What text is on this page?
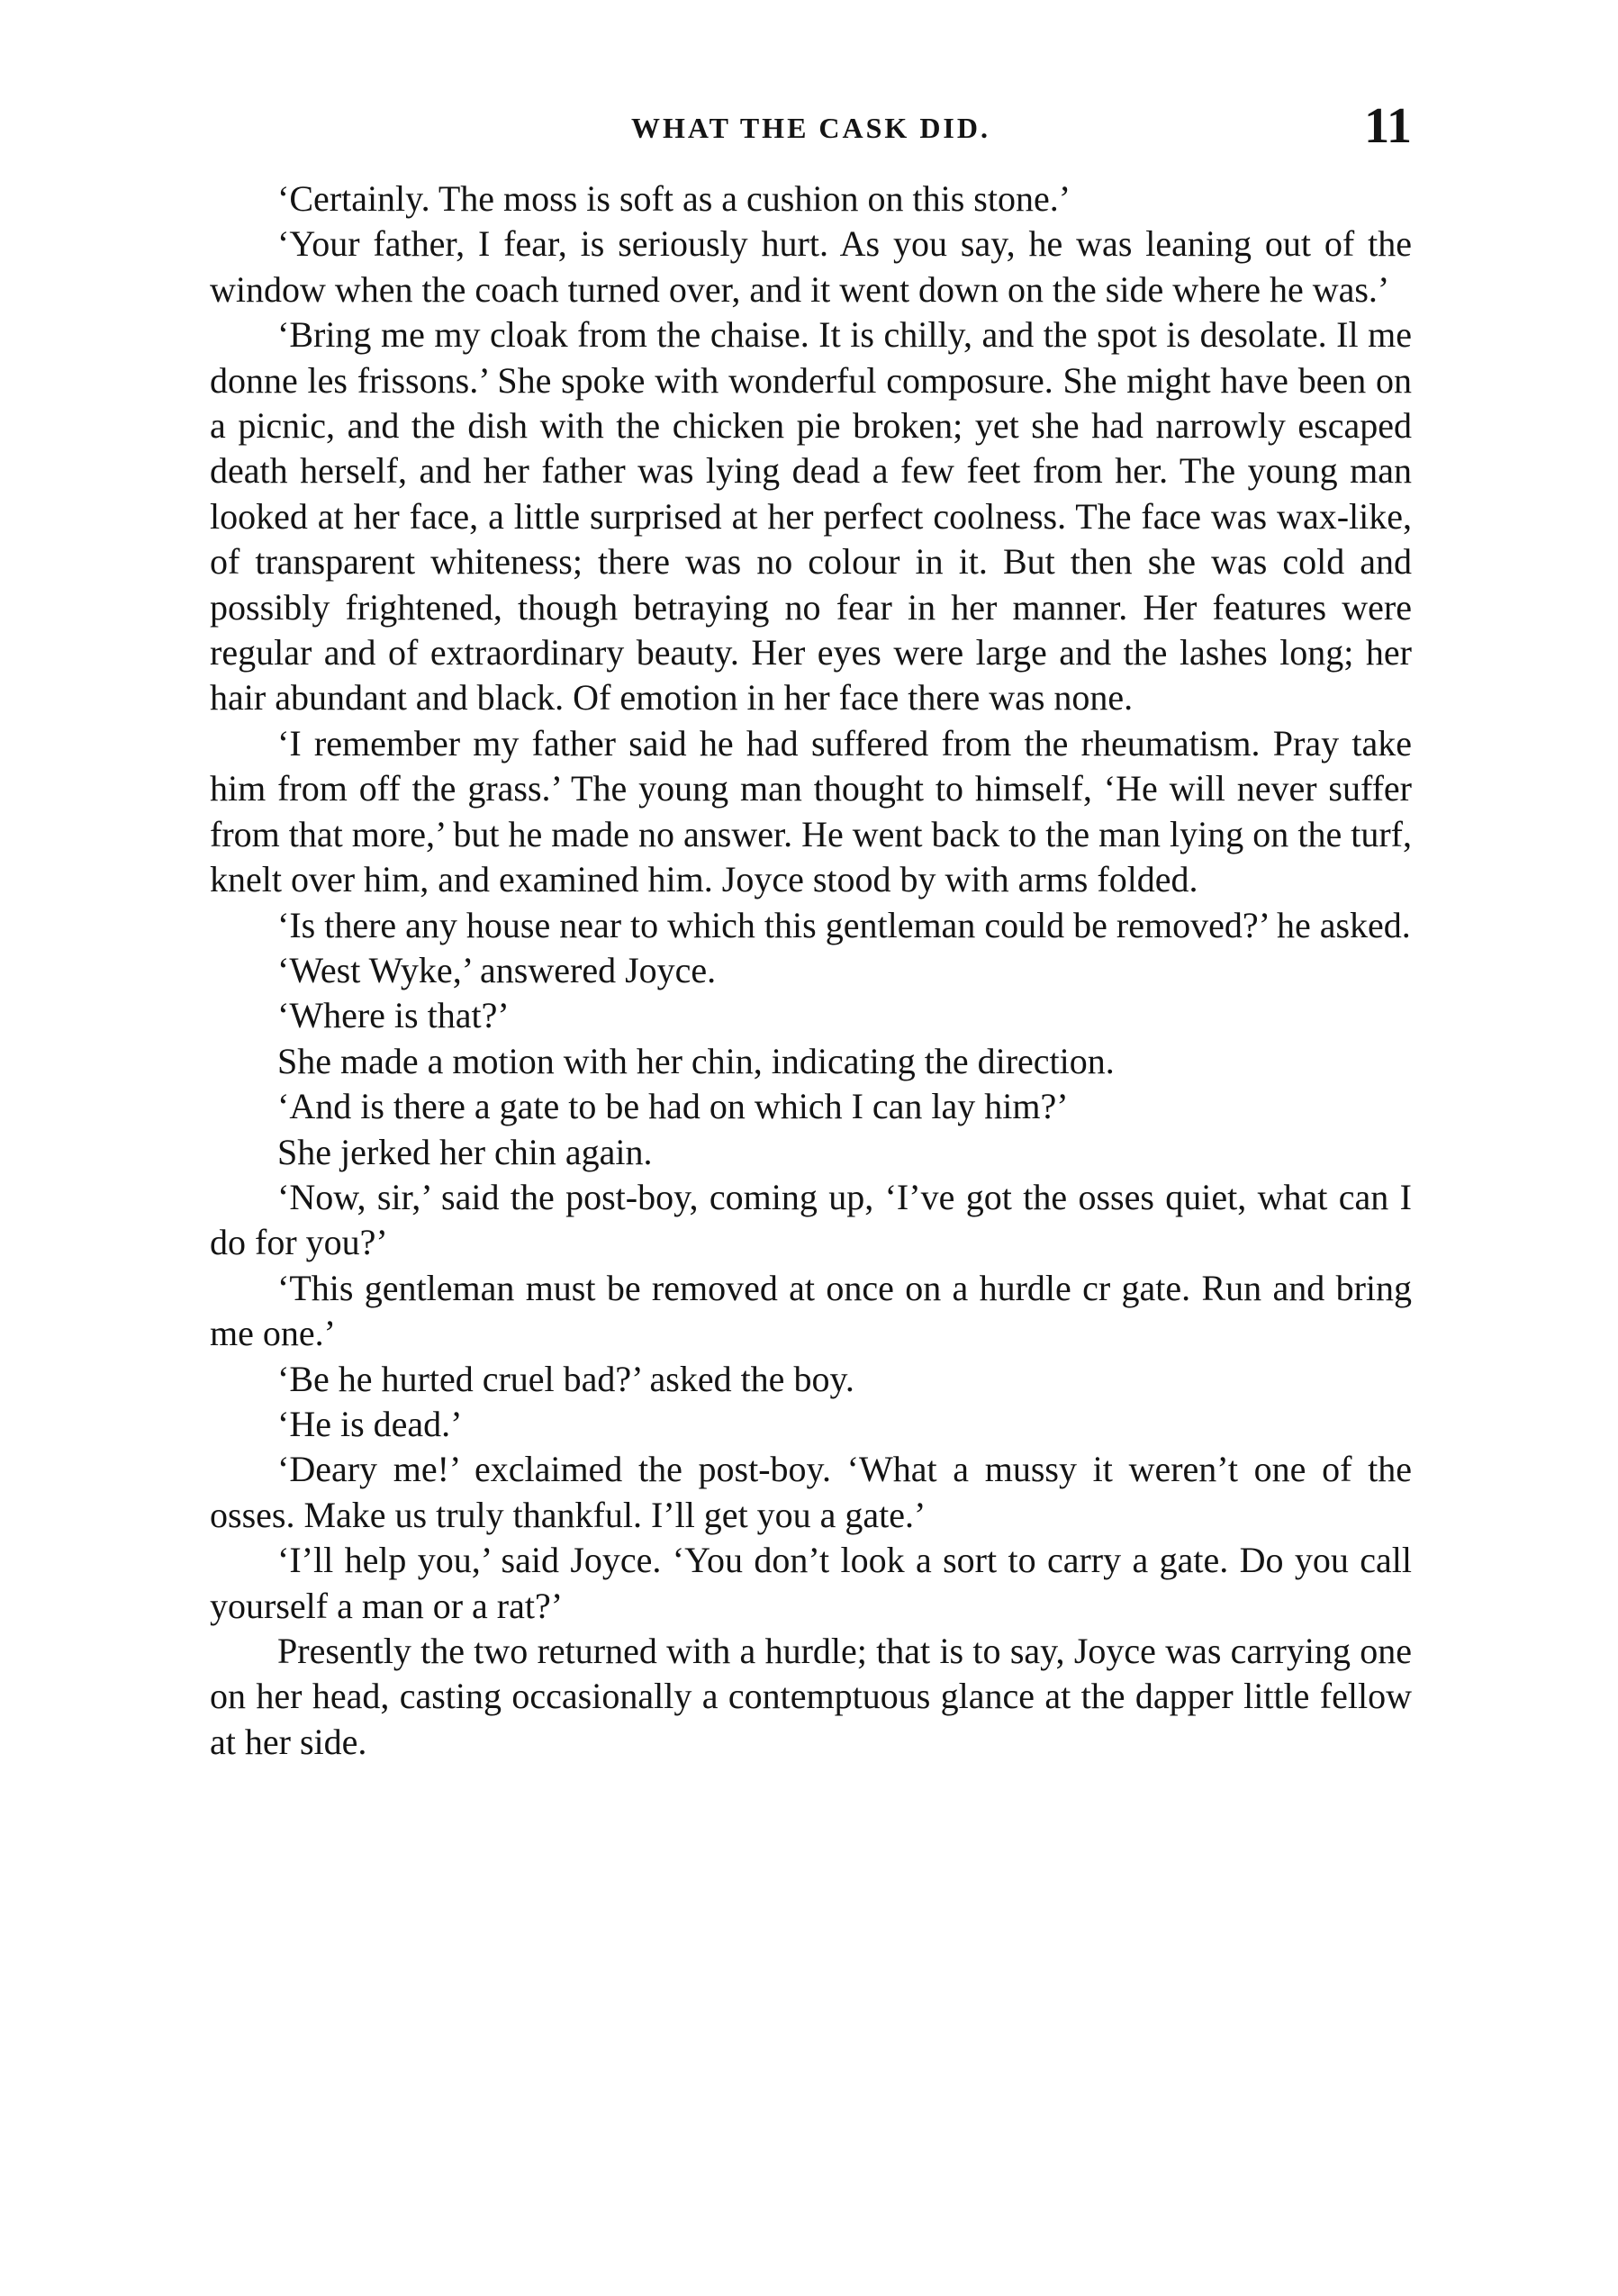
WHAT THE CASK DID.	11

‘Certainly. The moss is soft as a cushion on this stone.’

‘Your father, I fear, is seriously hurt. As you say, he was leaning out of the window when the coach turned over, and it went down on the side where he was.’

‘Bring me my cloak from the chaise. It is chilly, and the spot is desolate. Il me donne les frissons.’ She spoke with wonderful composure. She might have been on a picnic, and the dish with the chicken pie broken; yet she had narrowly escaped death herself, and her father was lying dead a few feet from her. The young man looked at her face, a little surprised at her perfect coolness. The face was wax-like, of transparent whiteness; there was no colour in it. But then she was cold and possibly frightened, though betraying no fear in her manner. Her features were regular and of extraordinary beauty. Her eyes were large and the lashes long; her hair abundant and black. Of emotion in her face there was none.

‘I remember my father said he had suffered from the rheumatism. Pray take him from off the grass.’ The young man thought to himself, ‘He will never suffer from that more,’ but he made no answer. He went back to the man lying on the turf, knelt over him, and examined him. Joyce stood by with arms folded.

‘Is there any house near to which this gentleman could be removed?’ he asked.

‘West Wyke,’ answered Joyce.

‘Where is that?’

She made a motion with her chin, indicating the direction.

‘And is there a gate to be had on which I can lay him?’

She jerked her chin again.

‘Now, sir,’ said the post-boy, coming up, ‘I’ve got the osses quiet, what can I do for you?’

‘This gentleman must be removed at once on a hurdle cr gate. Run and bring me one.’

‘Be he hurted cruel bad?’ asked the boy.

‘He is dead.’

‘Deary me!’ exclaimed the post-boy. ‘What a mussy it weren’t one of the osses. Make us truly thankful. I’ll get you a gate.’

‘I’ll help you,’ said Joyce. ‘You don’t look a sort to carry a gate. Do you call yourself a man or a rat?’

Presently the two returned with a hurdle; that is to say, Joyce was carrying one on her head, casting occasionally a contemptuous glance at the dapper little fellow at her side.
